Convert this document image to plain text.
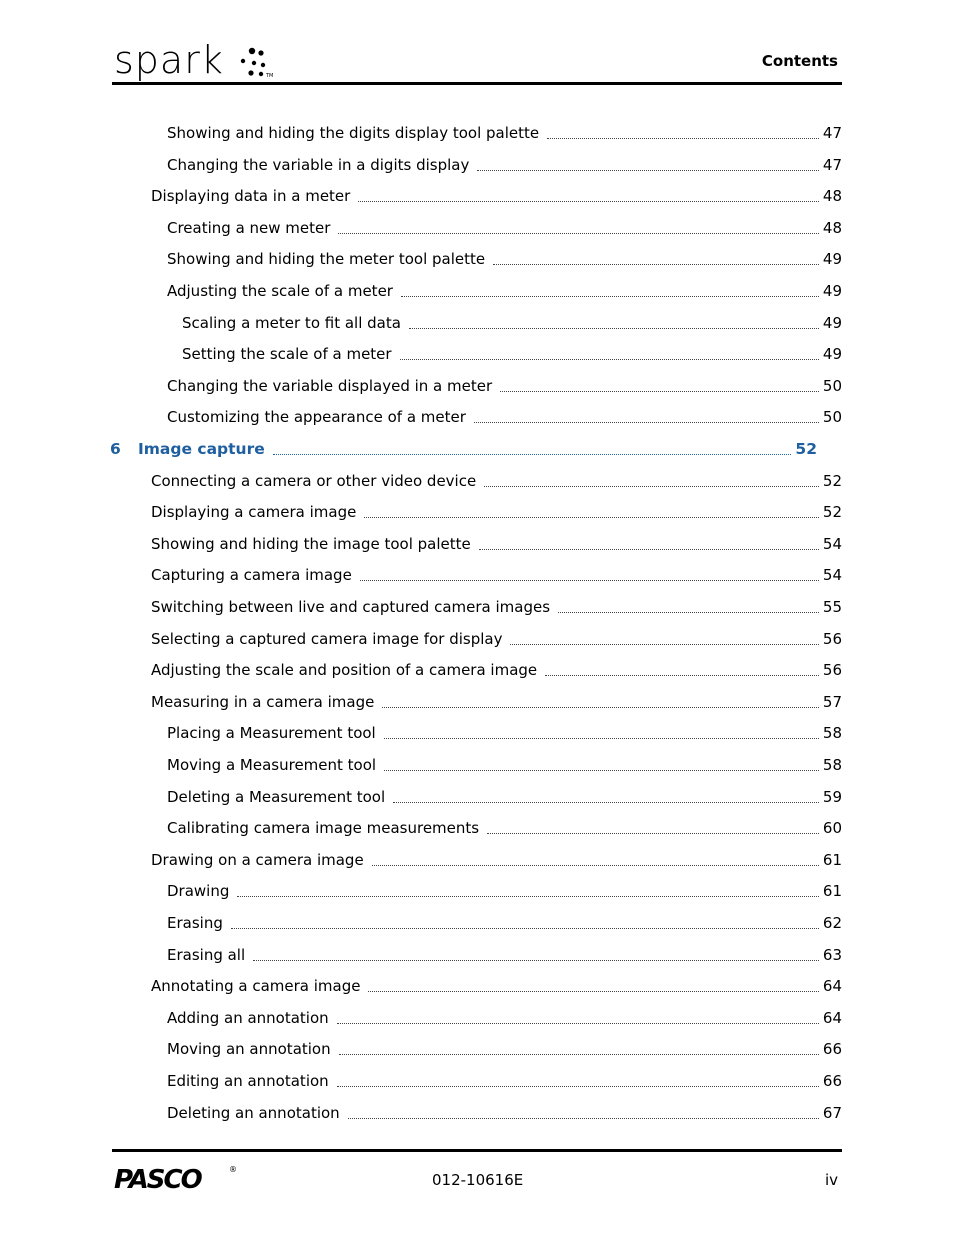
spark	TM
Contents
Showing and hiding the digits display tool palette	47
Changing the variable in a digits display	47
Displaying data in a meter	48
Creating a new meter	48
Showing and hiding the meter tool palette	49
Adjusting the scale of a meter	49
Scaling a meter to fit all data	49
Setting the scale of a meter	49
Changing the variable displayed in a meter	50
Customizing the appearance of a meter	50
6	Image capture	52
Connecting a camera or other video device	52
Displaying a camera image	52
Showing and hiding the image tool palette	54
Capturing a camera image	54
Switching between live and captured camera images	55
Selecting a captured camera image for display	56
Adjusting the scale and position of a camera image	56
Measuring in a camera image	57
Placing a Measurement tool	58
Moving a Measurement tool	58
Deleting a Measurement tool	59
Calibrating camera image measurements	60
Drawing on a camera image	61
Drawing	61
Erasing	62
Erasing all	63
Annotating a camera image	64
Adding an annotation	64
Moving an annotation	66
Editing an annotation	66
Deleting an annotation	67
PASCO	®
012-10616E	iv
